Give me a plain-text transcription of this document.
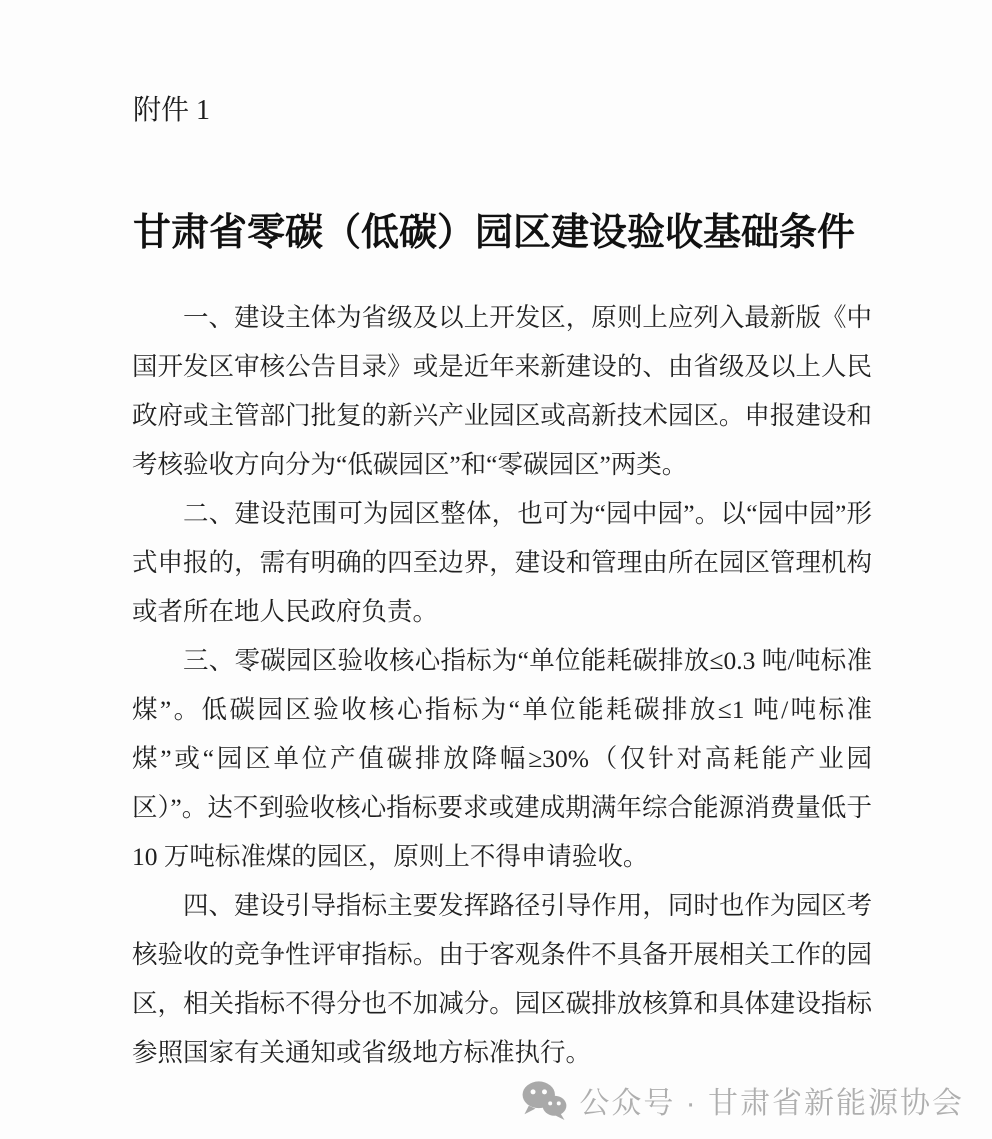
附件 1
甘肃省零碳（低碳）园区建设验收基础条件

一、建设主体为省级及以上开发区，原则上应列入最新版《中国开发区审核公告目录》或是近年来新建设的、由省级及以上人民政府或主管部门批复的新兴产业园区或高新技术园区。申报建设和考核验收方向分为“低碳园区”和“零碳园区”两类。

二、建设范围可为园区整体，也可为“园中园”。以“园中园”形式申报的，需有明确的四至边界，建设和管理由所在园区管理机构或者所在地人民政府负责。

三、零碳园区验收核心指标为“单位能耗碳排放≤0.3 吨/吨标准煤”。低碳园区验收核心指标为“单位能耗碳排放≤1 吨/吨标准煤”或“园区单位产值碳排放降幅≥30%（仅针对高耗能产业园区）”。达不到验收核心指标要求或建成期满年综合能源消费量低于 10 万吨标准煤的园区，原则上不得申请验收。

四、建设引导指标主要发挥路径引导作用，同时也作为园区考核验收的竞争性评审指标。由于客观条件不具备开展相关工作的园区，相关指标不得分也不加减分。园区碳排放核算和具体建设指标参照国家有关通知或省级地方标准执行。

公众号 · 甘肃省新能源协会
